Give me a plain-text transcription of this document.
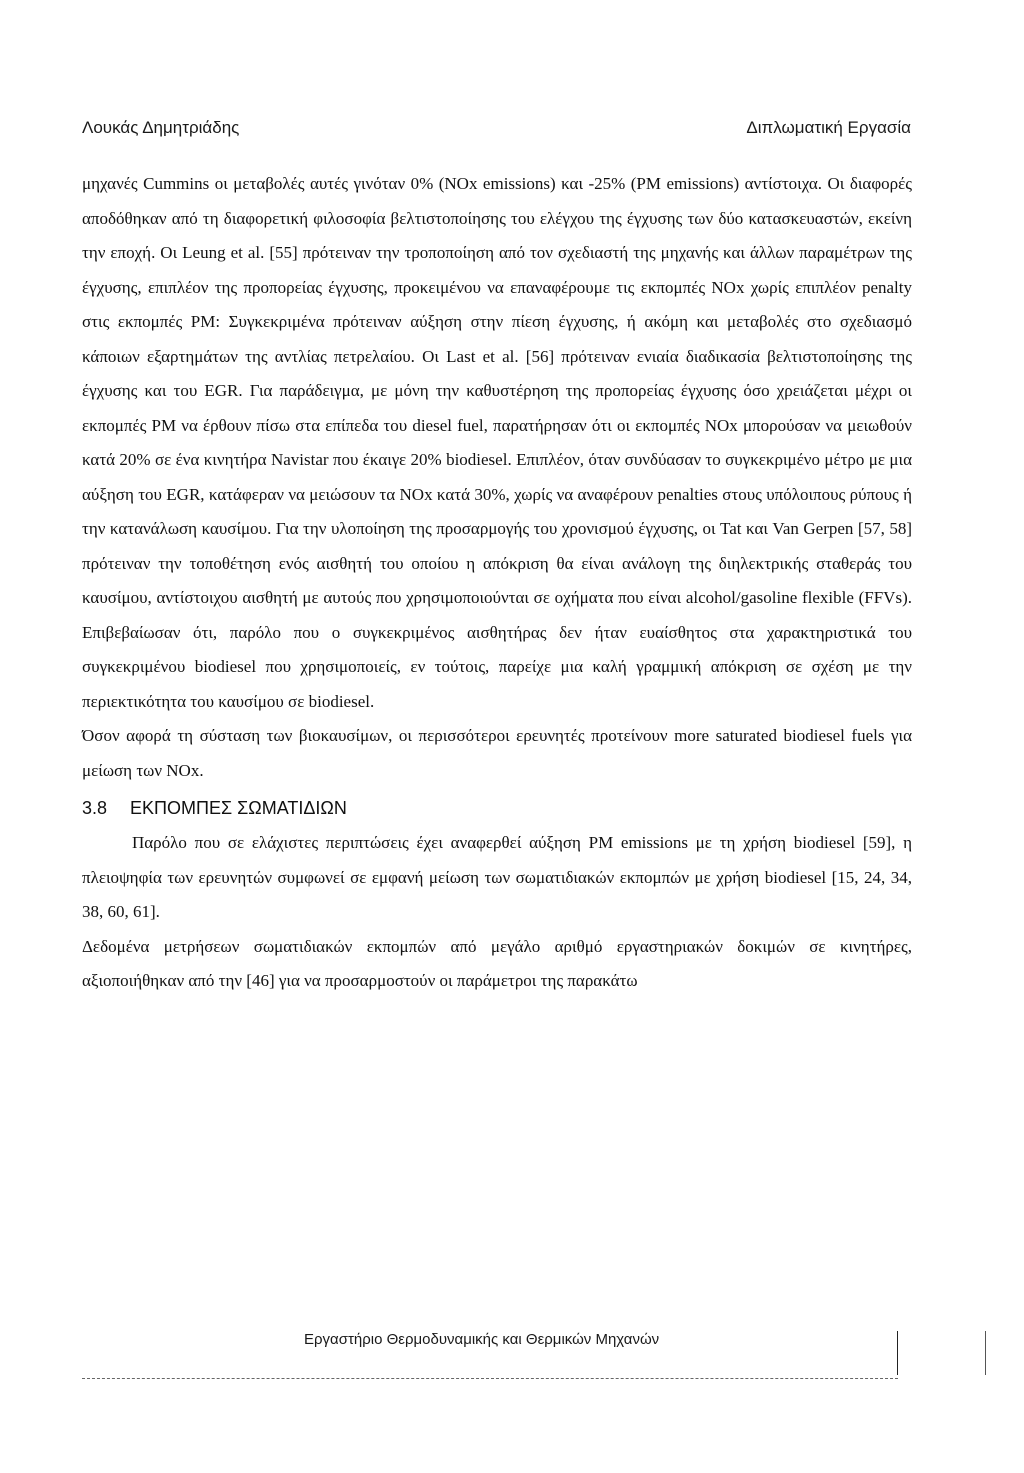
Λουκάς Δημητριάδης	Διπλωματική Εργασία

μηχανές Cummins οι μεταβολές αυτές γινόταν 0% (NOx emissions) και -25% (PM emissions) αντίστοιχα. Οι διαφορές αποδόθηκαν από τη διαφορετική φιλοσοφία βελτιστοποίησης του ελέγχου της έγχυσης των δύο κατασκευαστών, εκείνη την εποχή. Οι Leung et al. [55] πρότειναν την τροποποίηση από τον σχεδιαστή της μηχανής και άλλων παραμέτρων της έγχυσης, επιπλέον της προπορείας έγχυσης, προκειμένου να επαναφέρουμε τις εκπομπές NOx χωρίς επιπλέον penalty στις εκπομπές PM: Συγκεκριμένα πρότειναν αύξηση στην πίεση έγχυσης, ή ακόμη και μεταβολές στο σχεδιασμό κάποιων εξαρτημάτων της αντλίας πετρελαίου. Οι Last et al. [56] πρότειναν ενιαία διαδικασία βελτιστοποίησης της έγχυσης και του EGR. Για παράδειγμα, με μόνη την καθυστέρηση της προπορείας έγχυσης όσο χρειάζεται μέχρι οι εκπομπές PM να έρθουν πίσω στα επίπεδα του diesel fuel, παρατήρησαν ότι οι εκπομπές NOx μπορούσαν να μειωθούν κατά 20% σε ένα κινητήρα Navistar που έκαιγε 20% biodiesel. Επιπλέον, όταν συνδύασαν το συγκεκριμένο μέτρο με μια αύξηση του EGR, κατάφεραν να μειώσουν τα NOx κατά 30%, χωρίς να αναφέρουν penalties στους υπόλοιπους ρύπους ή την κατανάλωση καυσίμου. Για την υλοποίηση της προσαρμογής του χρονισμού έγχυσης, οι Tat και Van Gerpen [57, 58] πρότειναν την τοποθέτηση ενός αισθητή του οποίου η απόκριση θα είναι ανάλογη της διηλεκτρικής σταθεράς του καυσίμου, αντίστοιχου αισθητή με αυτούς που χρησιμοποιούνται σε οχήματα που είναι alcohol/gasoline flexible (FFVs). Επιβεβαίωσαν ότι, παρόλο που ο συγκεκριμένος αισθητήρας δεν ήταν ευαίσθητος στα χαρακτηριστικά του συγκεκριμένου biodiesel που χρησιμοποιείς, εν τούτοις, παρείχε μια καλή γραμμική απόκριση σε σχέση με την περιεκτικότητα του καυσίμου σε biodiesel.

Όσον αφορά τη σύσταση των βιοκαυσίμων, οι περισσότεροι ερευνητές προτείνουν more saturated biodiesel fuels για μείωση των NOx.

3.8 ΕΚΠΟΜΠΕΣ ΣΩΜΑΤΙΔΙΩΝ

Παρόλο που σε ελάχιστες περιπτώσεις έχει αναφερθεί αύξηση PM emissions με τη χρήση biodiesel [59], η πλειοψηφία των ερευνητών συμφωνεί σε εμφανή μείωση των σωματιδιακών εκπομπών με χρήση biodiesel [15, 24, 34, 38, 60, 61].

Δεδομένα μετρήσεων σωματιδιακών εκπομπών από μεγάλο αριθμό εργαστηριακών δοκιμών σε κινητήρες, αξιοποιήθηκαν από την [46] για να προσαρμοστούν οι παράμετροι της παρακάτω

Εργαστήριο Θερμοδυναμικής και Θερμικών Μηχανών
